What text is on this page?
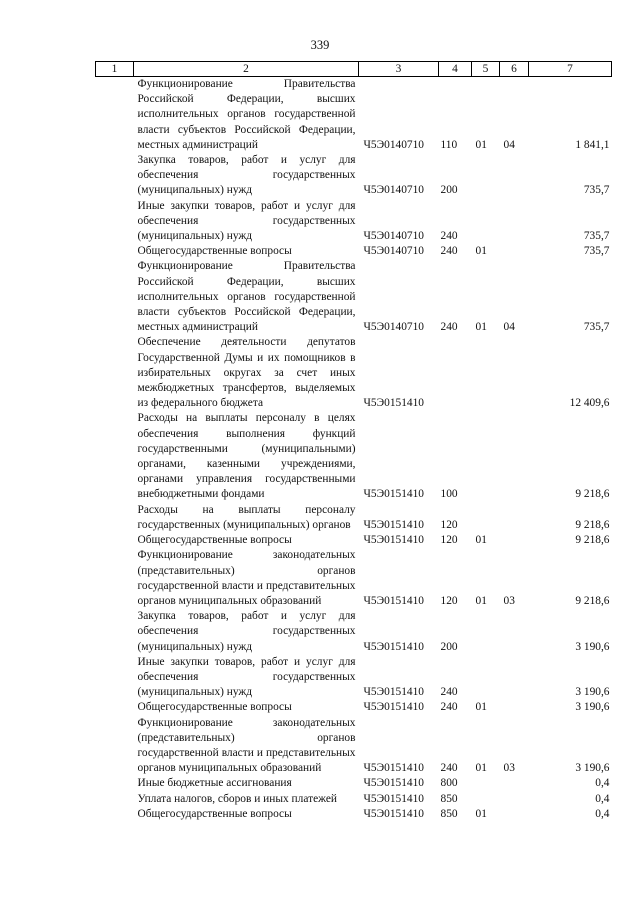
339
1	2	3	4	5	6	7
	Функционирование Правительства Российской Федерации, высших исполнительных органов государственной власти субъектов Российской Федерации, местных администраций	Ч5Э0140710	110	01	04	1 841,1
	Закупка товаров, работ и услуг для обеспечения государственных (муниципальных) нужд	Ч5Э0140710	200			735,7
	Иные закупки товаров, работ и услуг для обеспечения государственных (муниципальных) нужд	Ч5Э0140710	240			735,7
	Общегосударственные вопросы	Ч5Э0140710	240	01		735,7
	Функционирование Правительства Российской Федерации, высших исполнительных органов государственной власти субъектов Российской Федерации, местных администраций	Ч5Э0140710	240	01	04	735,7
	Обеспечение деятельности депутатов Государственной Думы и их помощников в избирательных округах за счет иных межбюджетных трансфертов, выделяемых из федерального бюджета	Ч5Э0151410				12 409,6
	Расходы на выплаты персоналу в целях обеспечения выполнения функций государственными (муниципальными) органами, казенными учреждениями, органами управления государственными внебюджетными фондами	Ч5Э0151410	100			9 218,6
	Расходы на выплаты персоналу государственных (муниципальных) органов	Ч5Э0151410	120			9 218,6
	Общегосударственные вопросы	Ч5Э0151410	120	01		9 218,6
	Функционирование законодательных (представительных) органов государственной власти и представительных органов муниципальных образований	Ч5Э0151410	120	01	03	9 218,6
	Закупка товаров, работ и услуг для обеспечения государственных (муниципальных) нужд	Ч5Э0151410	200			3 190,6
	Иные закупки товаров, работ и услуг для обеспечения государственных (муниципальных) нужд	Ч5Э0151410	240			3 190,6
	Общегосударственные вопросы	Ч5Э0151410	240	01		3 190,6
	Функционирование законодательных (представительных) органов государственной власти и представительных органов муниципальных образований	Ч5Э0151410	240	01	03	3 190,6
	Иные бюджетные ассигнования	Ч5Э0151410	800			0,4
	Уплата налогов, сборов и иных платежей	Ч5Э0151410	850			0,4
	Общегосударственные вопросы	Ч5Э0151410	850	01		0,4
